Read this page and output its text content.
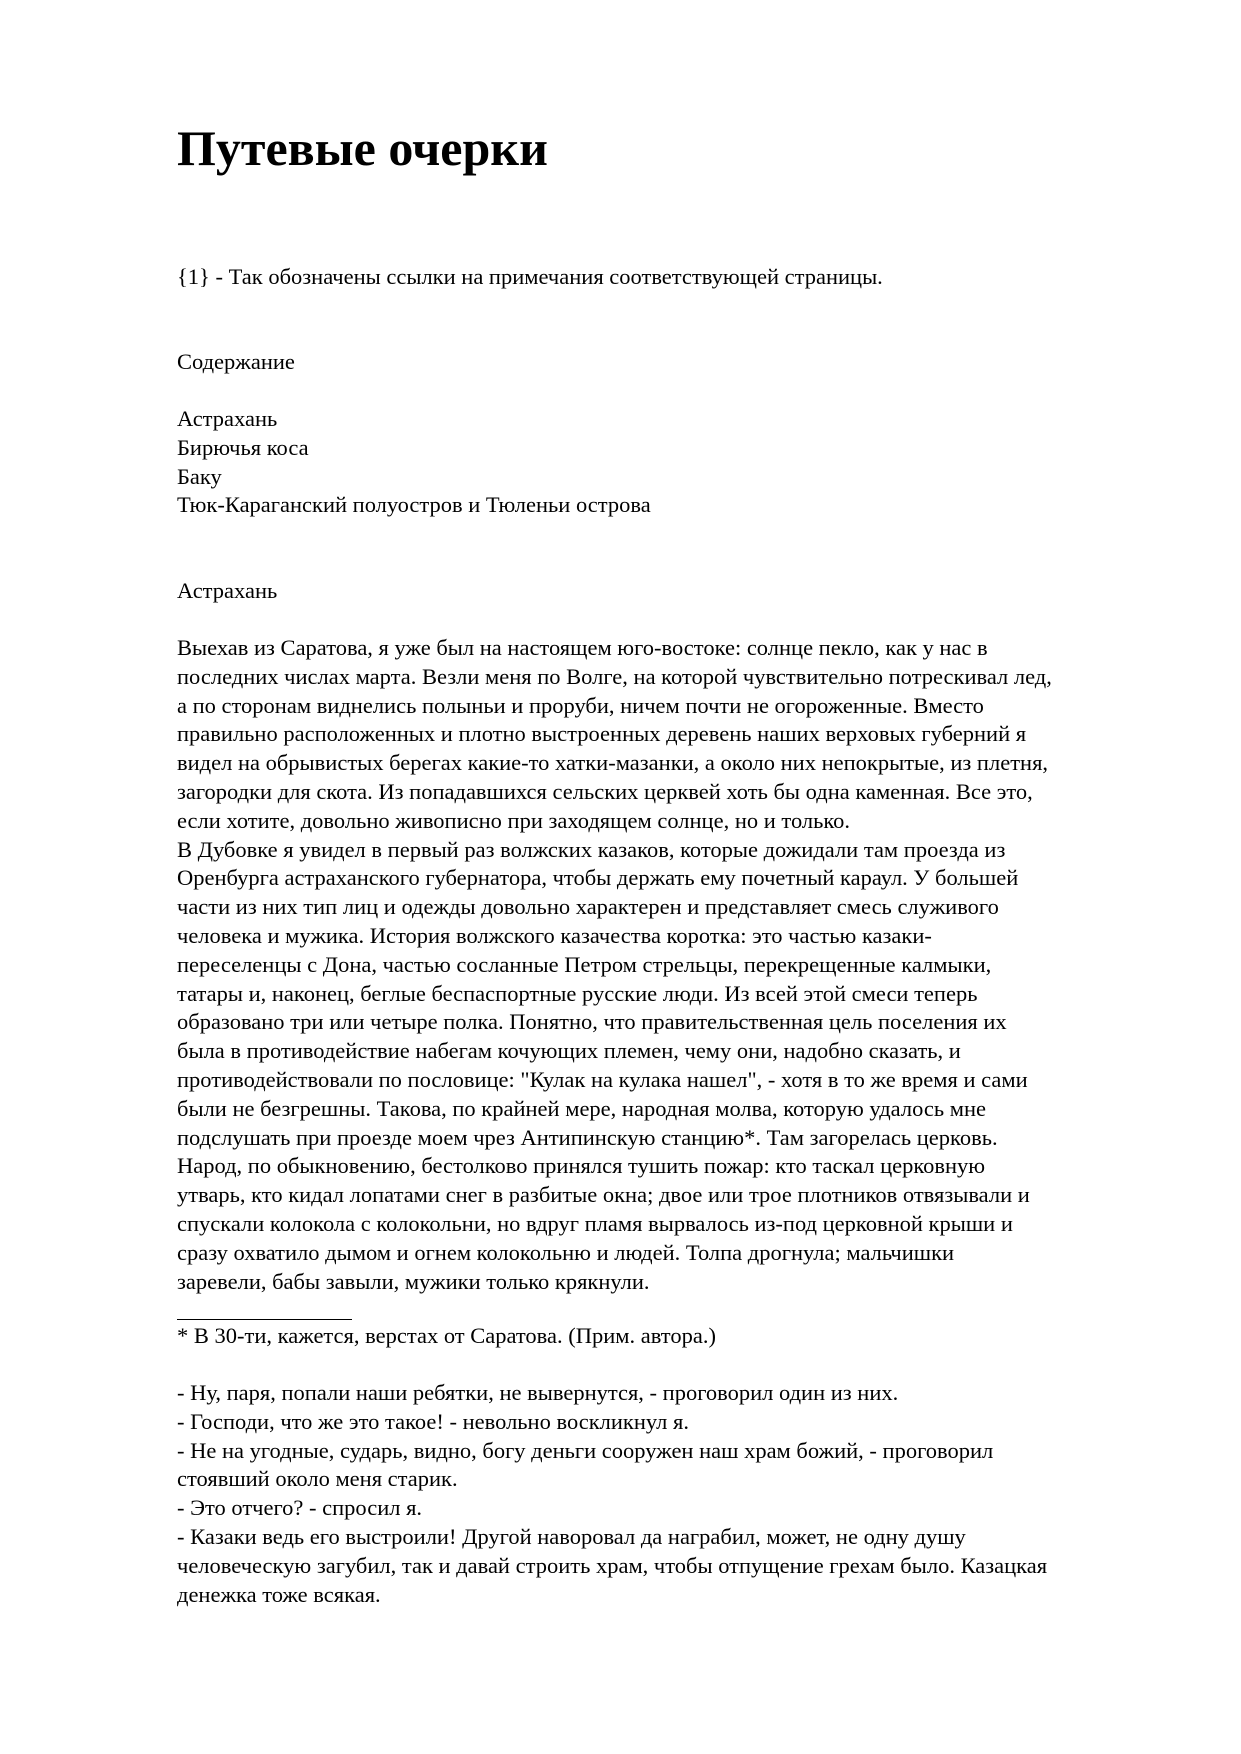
Путевые очерки
{1} - Так обозначены ссылки на примечания соответствующей страницы.
Содержание
Астрахань
Бирючья коса
Баку
Тюк-Караганский полуостров и Тюленьи острова
Астрахань
Выехав из Саратова, я уже был на настоящем юго-востоке: солнце пекло, как у нас в
последних числах марта. Везли меня по Волге, на которой чувствительно потрескивал лед,
а по сторонам виднелись полыньи и проруби, ничем почти не огороженные. Вместо
правильно расположенных и плотно выстроенных деревень наших верховых губерний я
видел на обрывистых берегах какие-то хатки-мазанки, а около них непокрытые, из плетня,
загородки для скота. Из попадавшихся сельских церквей хоть бы одна каменная. Все это,
если хотите, довольно живописно при заходящем солнце, но и только.
В Дубовке я увидел в первый раз волжских казаков, которые дожидали там проезда из
Оренбурга астраханского губернатора, чтобы держать ему почетный караул. У большей
части из них тип лиц и одежды довольно характерен и представляет смесь служивого
человека и мужика. История волжского казачества коротка: это частью казаки-
переселенцы с Дона, частью сосланные Петром стрельцы, перекрещенные калмыки,
татары и, наконец, беглые беспаспортные русские люди. Из всей этой смеси теперь
образовано три или четыре полка. Понятно, что правительственная цель поселения их
была в противодействие набегам кочующих племен, чему они, надобно сказать, и
противодействовали по пословице: "Кулак на кулака нашел", - хотя в то же время и сами
были не безгрешны. Такова, по крайней мере, народная молва, которую удалось мне
подслушать при проезде моем чрез Антипинскую станцию*. Там загорелась церковь.
Народ, по обыкновению, бестолково принялся тушить пожар: кто таскал церковную
утварь, кто кидал лопатами снег в разбитые окна; двое или трое плотников отвязывали и
спускали колокола с колокольни, но вдруг пламя вырвалось из-под церковной крыши и
сразу охватило дымом и огнем колокольню и людей. Толпа дрогнула; мальчишки
заревели, бабы завыли, мужики только крякнули.
* В 30-ти, кажется, верстах от Саратова. (Прим. автора.)
- Ну, паря, попали наши ребятки, не вывернутся, - проговорил один из них.
- Господи, что же это такое! - невольно воскликнул я.
- Не на угодные, сударь, видно, богу деньги сооружен наш храм божий, - проговорил
стоявший около меня старик.
- Это отчего? - спросил я.
- Казаки ведь его выстроили! Другой наворовал да награбил, может, не одну душу
человеческую загубил, так и давай строить храм, чтобы отпущение грехам было. Казацкая
денежка тоже всякая.
